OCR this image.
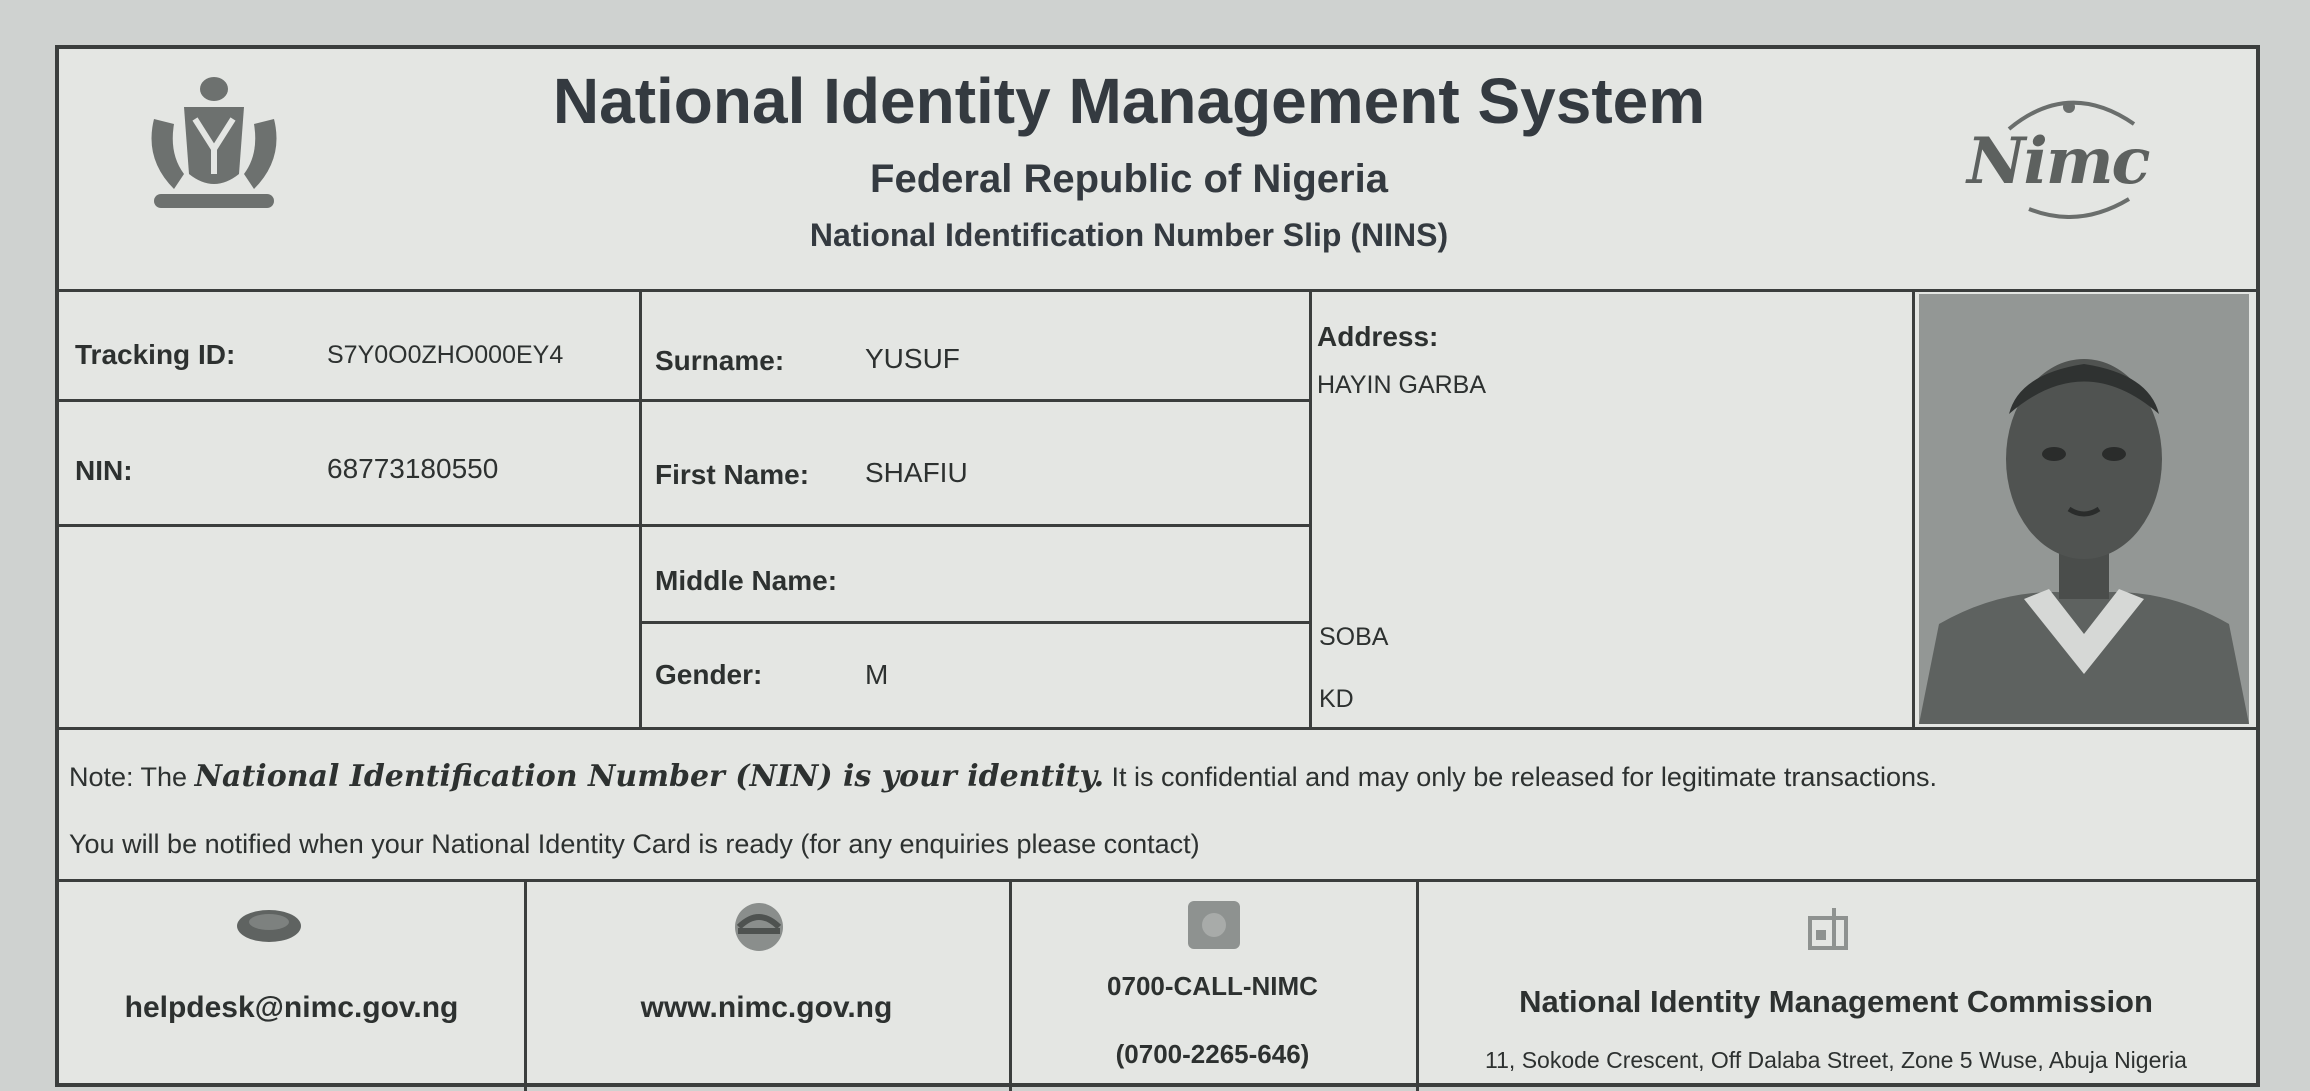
National Identity Management System
Federal Republic of Nigeria
National Identification Number Slip (NINS)
Nimc
Tracking ID:	S7Y0O0ZHO000EY4
NIN:	68773180550
Surname:	YUSUF
First Name: SHAFIU
Middle Name:
Gender:	M
Address:
HAYIN GARBA
SOBA
KD
Note: The National Identification Number (NIN) is your identity. It is confidential and may only be released for legitimate transactions.
You will be notified when your National Identity Card is ready (for any enquiries please contact)
helpdesk@nimc.gov.ng	www.nimc.gov.ng
0700-CALL-NIMC
(0700-2265-646)
National Identity Management Commission
11, Sokode Crescent, Off Dalaba Street, Zone 5 Wuse, Abuja Nigeria
